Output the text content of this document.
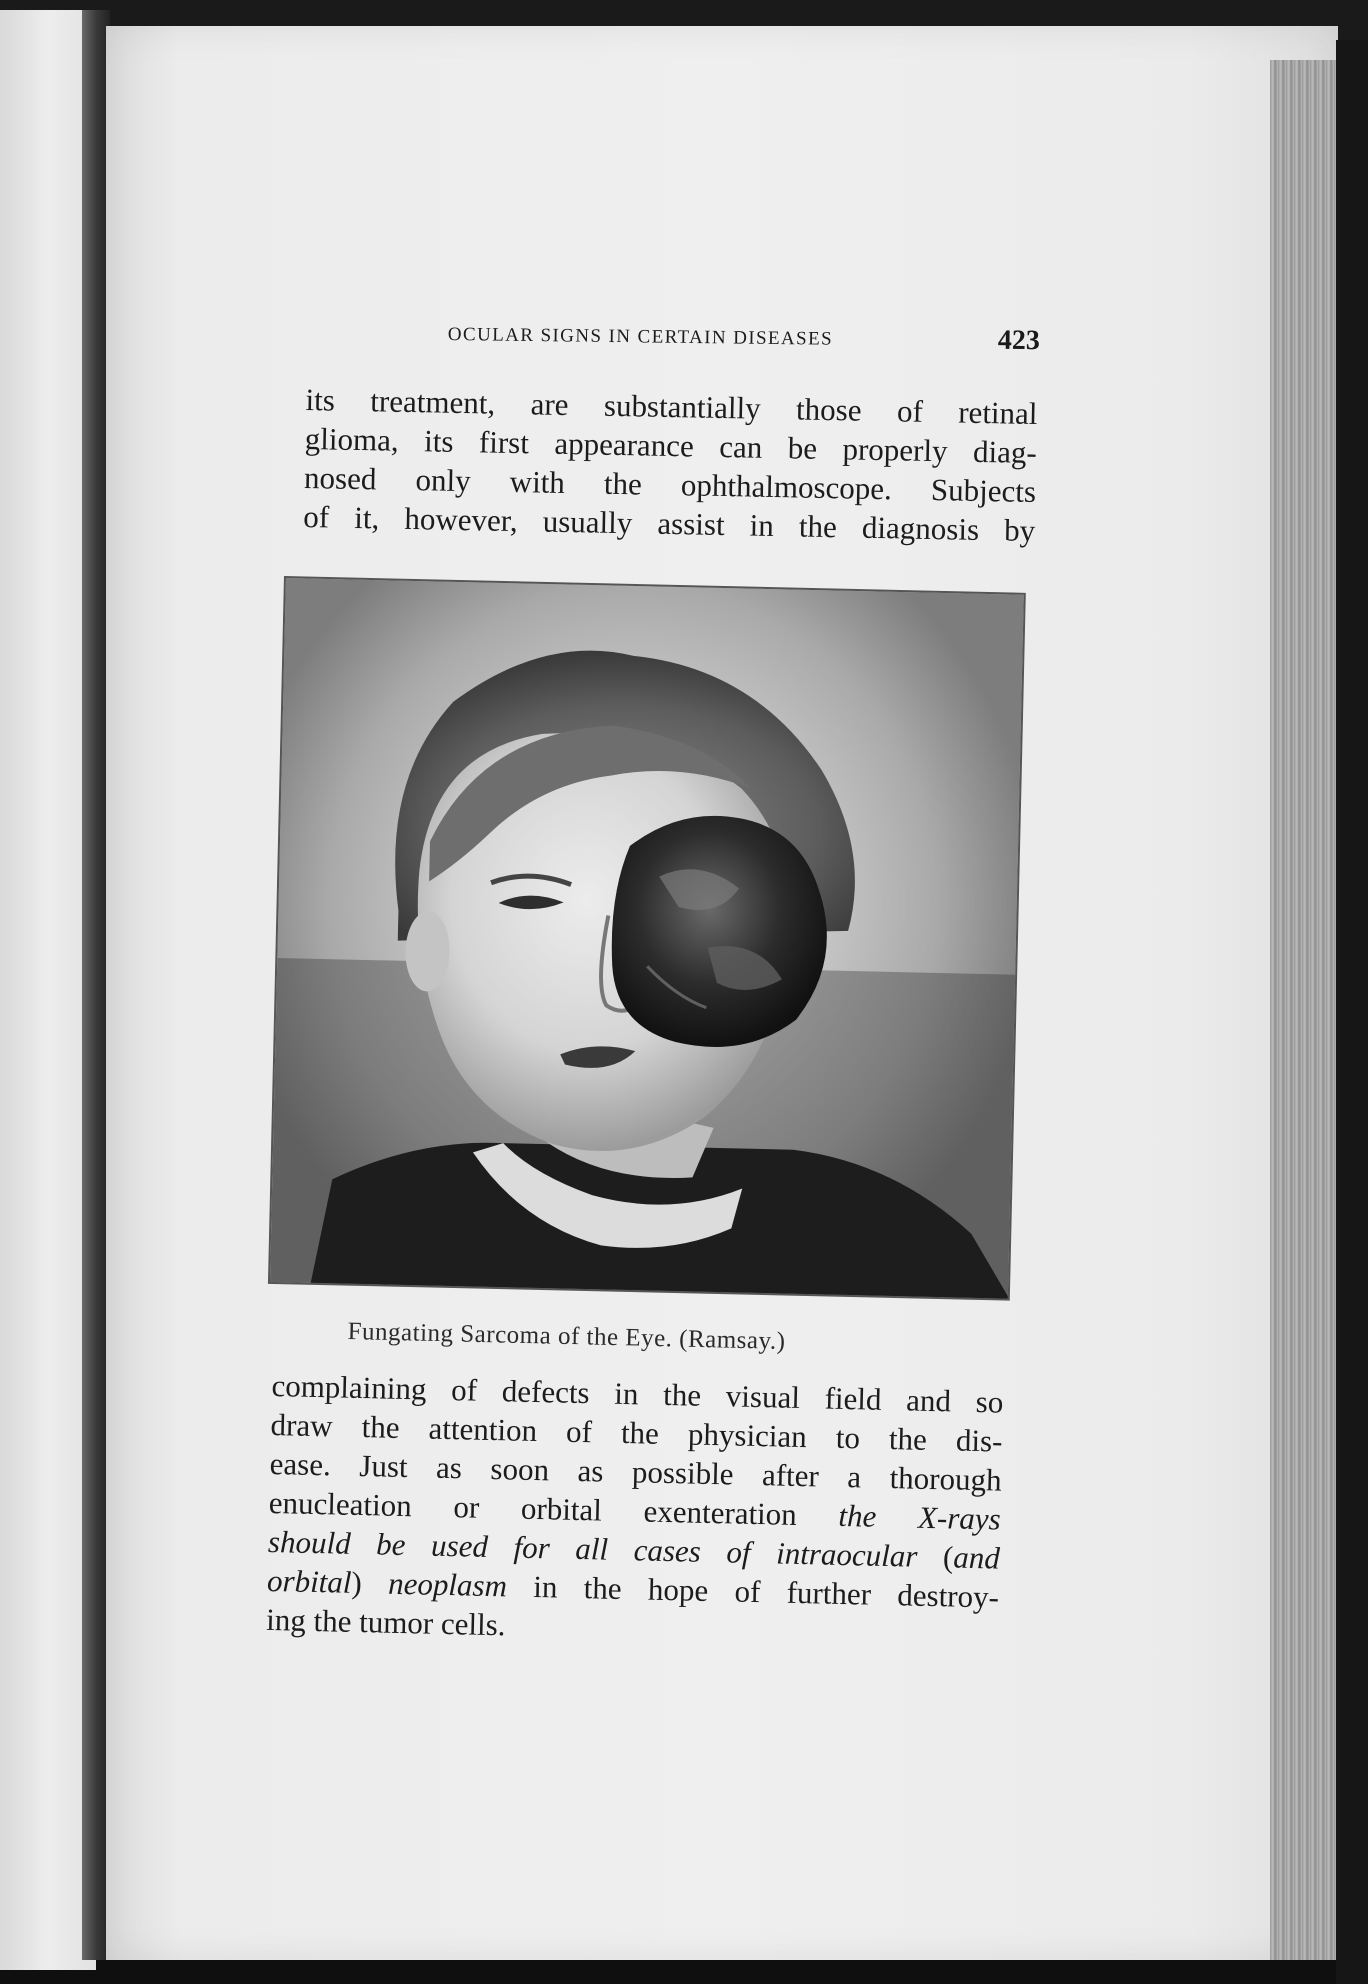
OCULAR SIGNS IN CERTAIN DISEASES	423
its treatment, are substantially those of retinal
glioma, its first appearance can be properly diag-
nosed only with the ophthalmoscope. Subjects
of it, however, usually assist in the diagnosis by
Fungating Sarcoma of the Eye. (Ramsay.)
complaining of defects in the visual field and so
draw the attention of the physician to the dis-
ease. Just as soon as possible after a thorough
enucleation or orbital exenteration the X-rays
should be used for all cases of intraocular (and
orbital) neoplasm in the hope of further destroy-
ing the tumor cells.
